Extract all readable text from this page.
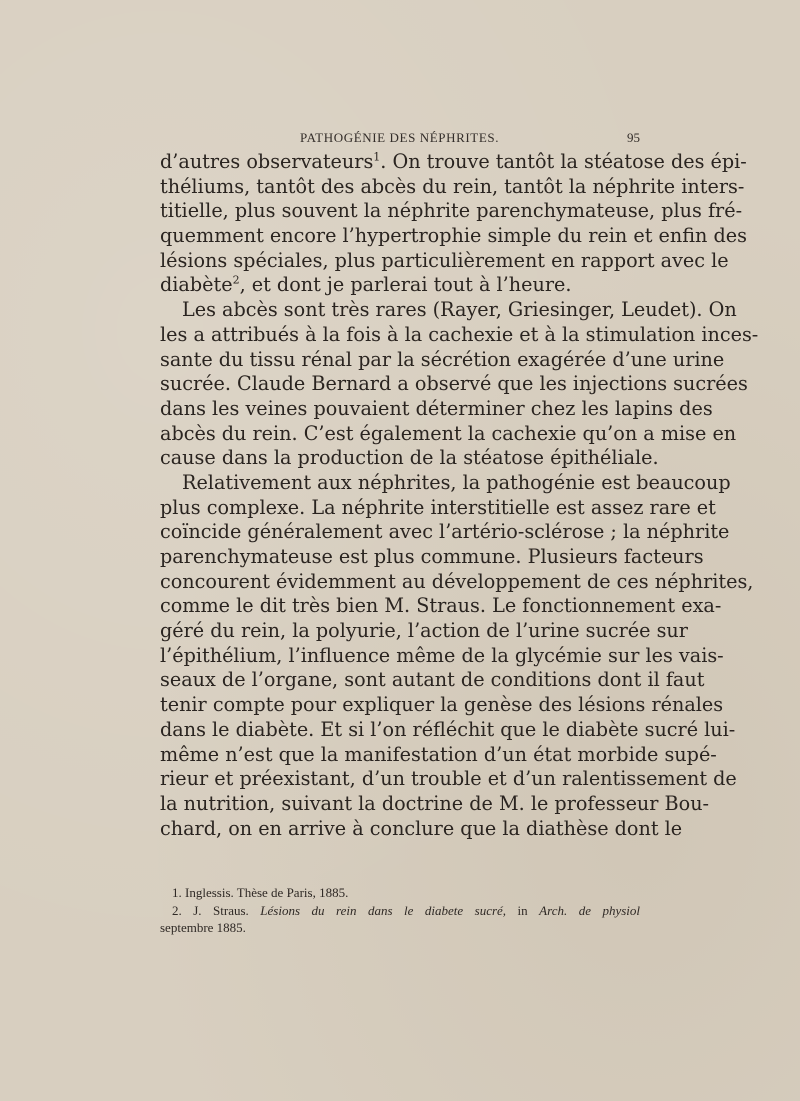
PATHOGÉNIE DES NÉPHRITES.	95
d’autres observateurs$^1$. On trouve tantôt la stéatose des épi-
théliums, tantôt des abcès du rein, tantôt la néphrite inters-
titielle, plus souvent la néphrite parenchymateuse, plus fré-
quemment encore l’hypertrophie simple du rein et enfin des
lésions spéciales, plus particulièrement en rapport avec le
diabète$^2$, et dont je parlerai tout à l’heure.
Les abcès sont très rares (Rayer, Griesinger, Leudet). On
les a attribués à la fois à la cachexie et à la stimulation inces-
sante du tissu rénal par la sécrétion exagérée d’une urine
sucrée. Claude Bernard a observé que les injections sucrées
dans les veines pouvaient déterminer chez les lapins des
abcès du rein. C’est également la cachexie qu’on a mise en
cause dans la production de la stéatose épithéliale.
Relativement aux néphrites, la pathogénie est beaucoup
plus complexe. La néphrite interstitielle est assez rare et
coïncide généralement avec l’artério-sclérose ; la néphrite
parenchymateuse est plus commune. Plusieurs facteurs
concourent évidemment au développement de ces néphrites,
comme le dit très bien M. Straus. Le fonctionnement exa-
géré du rein, la polyurie, l’action de l’urine sucrée sur
l’épithélium, l’influence même de la glycémie sur les vais-
seaux de l’organe, sont autant de conditions dont il faut
tenir compte pour expliquer la genèse des lésions rénales
dans le diabète. Et si l’on réfléchit que le diabète sucré lui-
même n’est que la manifestation d’un état morbide supé-
rieur et préexistant, d’un trouble et d’un ralentissement de
la nutrition, suivant la doctrine de M. le professeur Bou-
chard, on en arrive à conclure que la diathèse dont le
1. Inglessis. Thèse de Paris, 1885.
2. J. Straus. Lésions du rein dans le diabete sucré, in Arch. de physiol
septembre 1885.
